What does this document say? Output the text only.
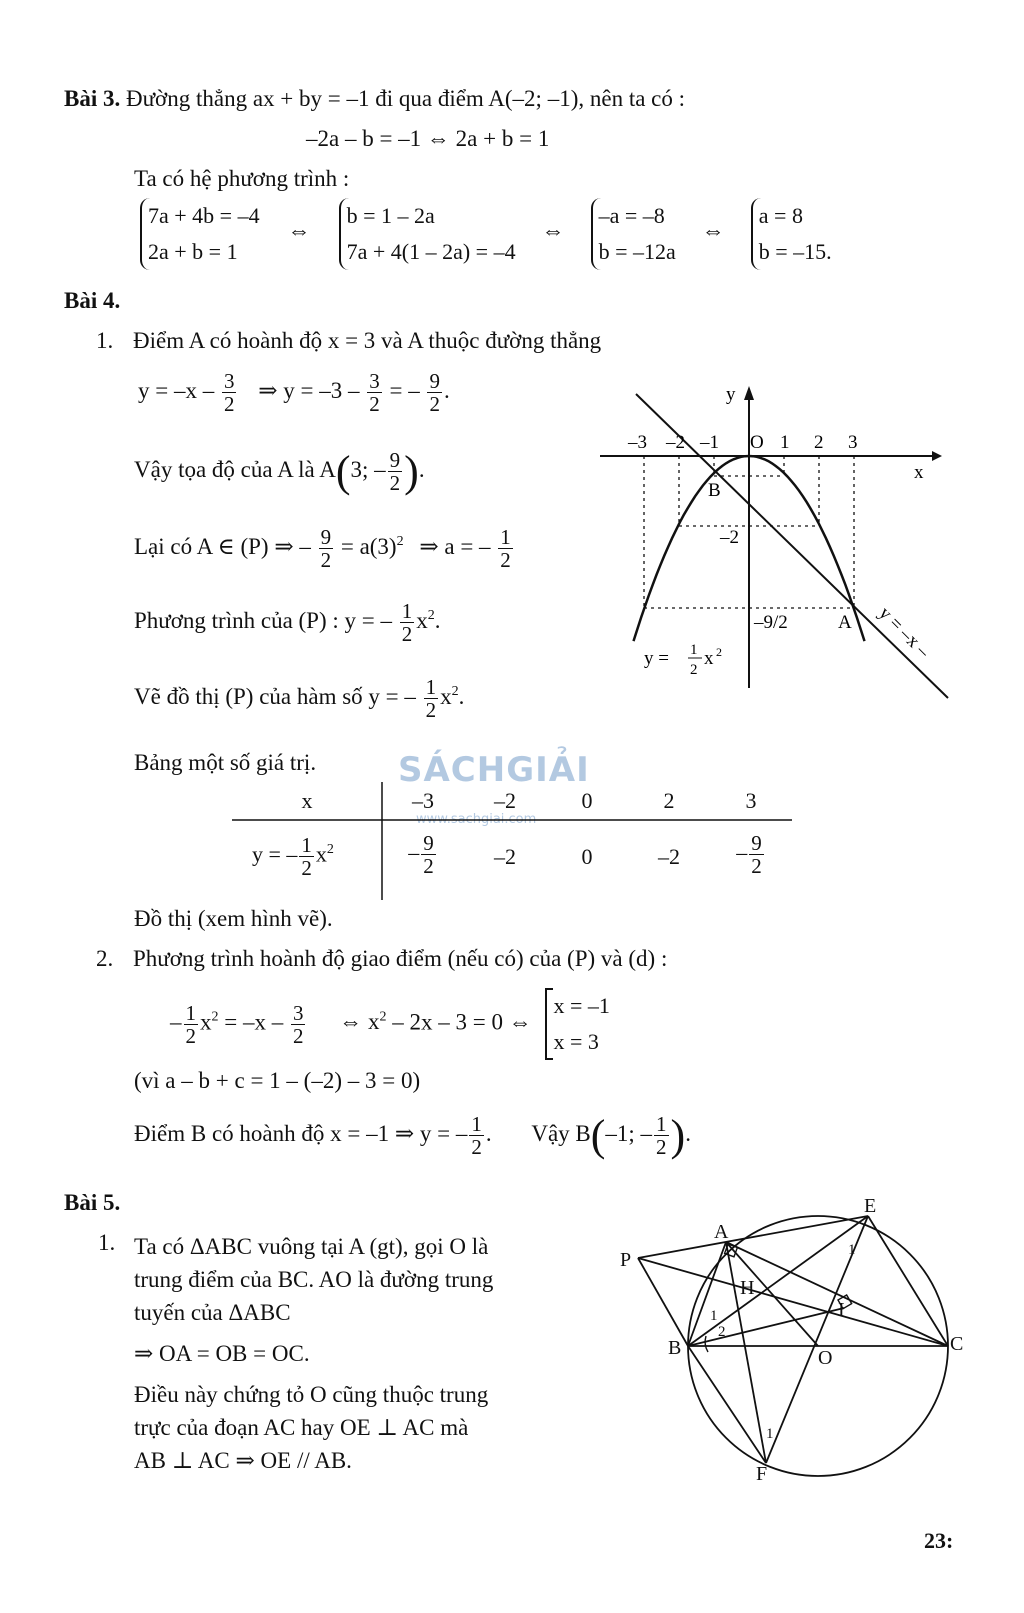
Bài 3. Đường thẳng ax + by = –1 đi qua điểm A(–2; –1), nên ta có :
–2a – b = –1 ⇔ 2a + b = 1
Ta có hệ phương trình :
7a + 4b = –4
2a + b = 1
⇔
b = 1 – 2a
7a + 4(1 – 2a) = –4
⇔
–a = –8
b = –12a
⇔
a = 8
b = –15.
Bài 4.
1. Điểm A có hoành độ x = 3 và A thuộc đường thẳng
$y = -x - \frac{3}{2}$ ⇒ $y = -3 - \frac{3}{2}$ = – $\frac{9}{2}$ .
Vậy tọa độ của A là A(3; – $\frac{9}{2}$ ).
Lại có A ∈ (P) ⇒ – $\frac{9}{2} = a(3)^2$ ⇒ a = – $\frac{1}{2}$
Phương trình của (P) : y = – $\frac{1}{2} x^2$.
Vẽ đồ thị (P) của hàm số y = – $\frac{1}{2} x^2$.
Bảng một số giá trị. SÁCHGIẢI
www.sachgiai.com
x	–3	–2	0	2	3
y = – $\frac{1}{2} x^2$	– $\frac{9}{2}$	–2	0	–2	– $\frac{9}{2}$
Đồ thị (xem hình vẽ).
2. Phương trình hoành độ giao điểm (nếu có) của (P) và (d) :
– $\frac{1}{2} x^2 = -x - \frac{3}{2}$ ⇔ $x^2 - 2x - 3 = 0$ ⇔
x = –1
x = 3
(vì a – b + c = 1 – (–2) – 3 = 0)
Điểm B có hoành độ x = –1 ⇒ y = – $\frac{1}{2}$ . Vậy B(–1; – $\frac{1}{2}$ ).
y
x
–3 –2 –1 O 1 2 3
B
–2
–9/2	A
y = 1
2
x 2	y = –x –
Bài 5.
1. Ta có ΔABC vuông tại A (gt), gọi O là
trung điểm của BC. AO là đường trung
tuyến của ΔABC
⇒ OA = OB = OC.
Điều này chứng tỏ O cũng thuộc trung
trực của đoạn AC hay OE ⊥ AC mà
AB ⊥ AC ⇒ OE // AB.
A
E
P
H
I
B	O
C
F
1
2
1
1
23:
